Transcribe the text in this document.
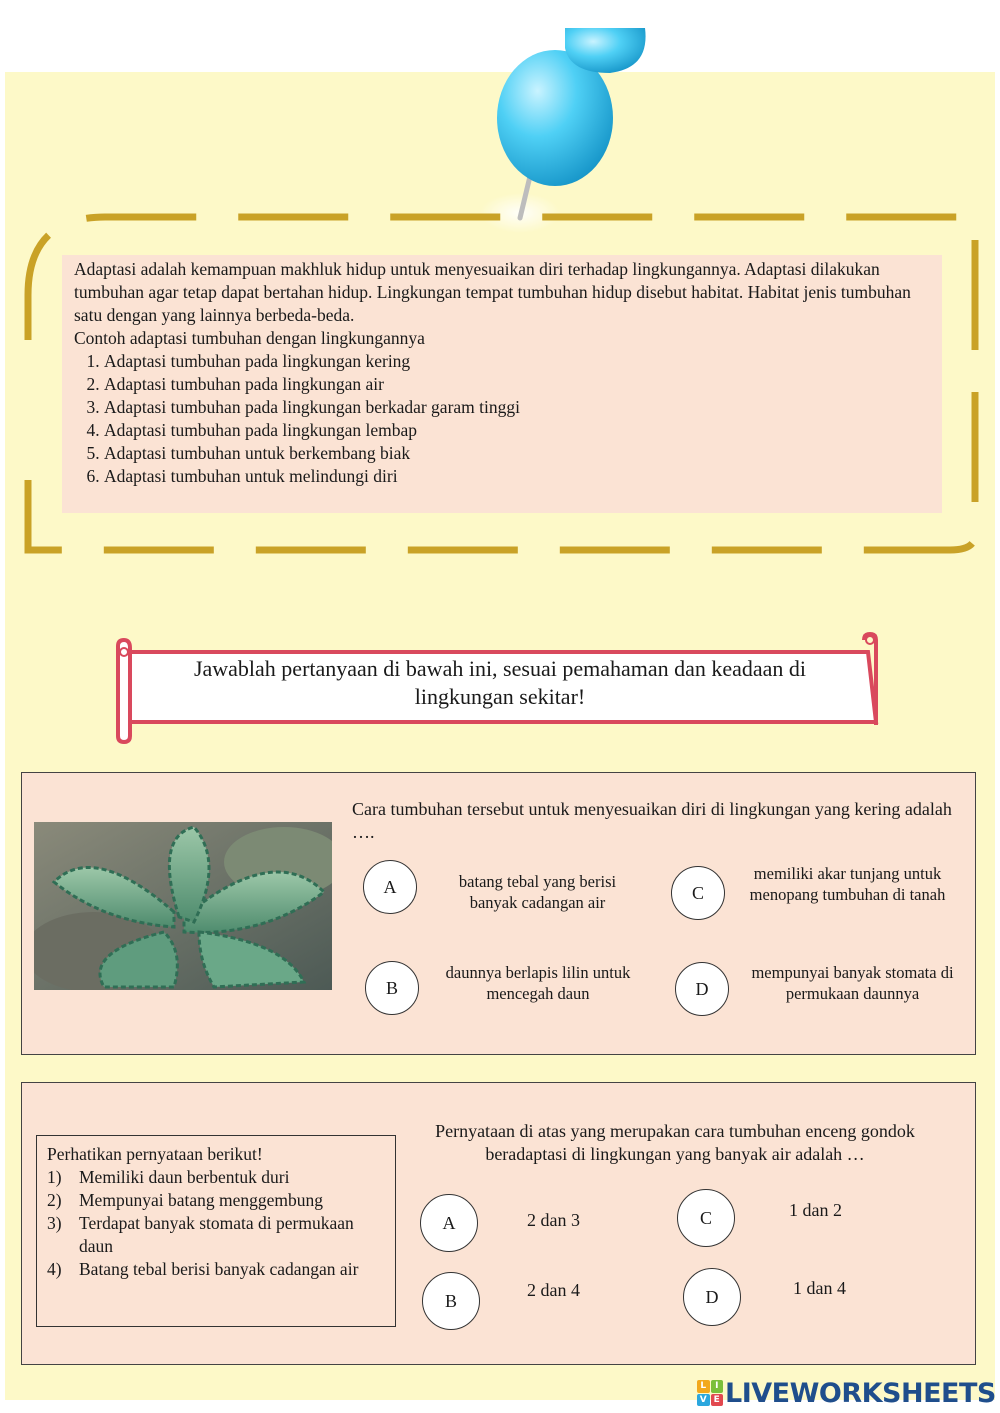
Adaptasi adalah kemampuan makhluk hidup untuk menyesuaikan diri terhadap lingkungannya. Adaptasi dilakukan tumbuhan agar tetap dapat bertahan hidup. Lingkungan tempat tumbuhan hidup disebut habitat. Habitat jenis tumbuhan satu dengan yang lainnya berbeda-beda.

Contoh adaptasi tumbuhan dengan lingkungannya

1. Adaptasi tumbuhan pada lingkungan kering
2. Adaptasi tumbuhan pada lingkungan air
3. Adaptasi tumbuhan pada lingkungan berkadar garam tinggi
4. Adaptasi tumbuhan pada lingkungan lembap
5. Adaptasi tumbuhan untuk berkembang biak
6. Adaptasi tumbuhan untuk melindungi diri
Jawablah pertanyaan di bawah ini, sesuai pemahaman dan keadaan di lingkungan sekitar!
Cara tumbuhan tersebut untuk menyesuaikan diri di lingkungan yang kering adalah ….
A	batang tebal yang berisi banyak cadangan air
B
daunnya berlapis lilin untuk mencegah daun
C
memiliki akar tunjang untuk menopang tumbuhan di tanah
D
mempunyai banyak stomata di permukaan daunnya

Perhatikan pernyataan berikut!

Memiliki daun berbentuk duri
Mempunyai batang menggembung
Terdapat banyak stomata di permukaan daun
Batang tebal berisi banyak cadangan air
Pernyataan di atas yang merupakan cara tumbuhan enceng gondok beradaptasi di lingkungan yang banyak air adalah …
A	2 dan 3
B
2 dan 4
C	1 dan 2
D	1 dan 4
L I
V E LIVEWORKSHEETS
